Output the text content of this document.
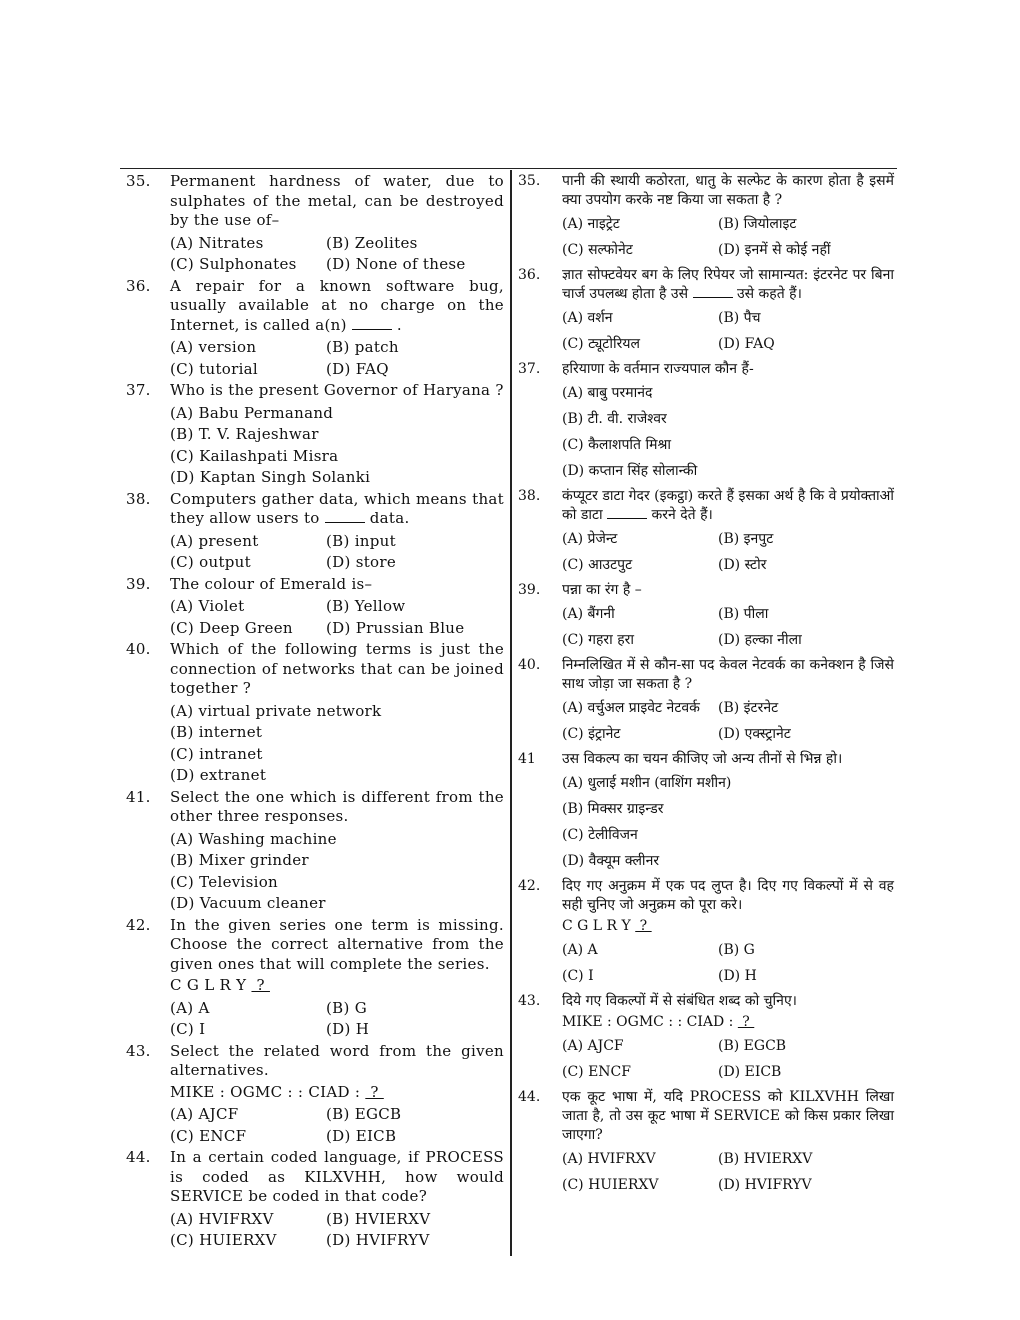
35. Permanent hardness of water, due to sulphates of the metal, can be destroyed by the use of–
(A) Nitrates	(B) Zeolites
(C) Sulphonates	(D) None of these
36. A repair for a known software bug, usually available at no charge on the Internet, is called a(n)	.
(A) version	(B) patch
(C) tutorial	(D) FAQ
37. Who is the present Governor of Haryana ?
(A) Babu Permanand
(B) T. V. Rajeshwar
(C) Kailashpati Misra
(D) Kaptan Singh Solanki
38. Computers gather data, which means that they allow users to	data.
(A) present	(B) input
(C) output	(D) store
39. The colour of Emerald is–
(A) Violet	(B) Yellow
(C) Deep Green	(D) Prussian Blue
40. Which of the following terms is just the connection of networks that can be joined together ?
(A) virtual private network
(B) internet
(C) intranet
(D) extranet
41. Select the one which is different from the other three responses.
(A) Washing machine
(B) Mixer grinder
(C) Television
(D) Vacuum cleaner
42. In the given series one term is missing. Choose the correct alternative from the given ones that will complete the series.
C G L R Y  ?
(A) A	(B) G
(C) I	(D) H
43. Select the related word from the given alternatives.
MIKE : OGMC : : CIAD :  ?
(A) AJCF	(B) EGCB
(C) ENCF	(D) EICB
44. In a certain coded language, if PROCESS is coded as KILXVHH, how would SERVICE be coded in that code?
(A) HVIFRXV	(B) HVIERXV
(C) HUIERXV	(D) HVIFRYV
35. पानी की स्थायी कठोरता, धातु के सल्फेट के कारण होता है इसमें क्या उपयोग करके नष्ट किया जा सकता है ?
(A) नाइट्रेट	(B) जियोलाइट
(C) सल्फोनेट	(D) इनमें से कोई नहीं
36. ज्ञात सोफ्टवेयर बग के लिए रिपेयर जो सामान्यत: इंटरनेट पर बिना चार्ज उपलब्ध होता है उसे	उसे कहते हैं।
(A) वर्शन	(B) पैच
(C) ट्यूटोरियल	(D) FAQ
37. हरियाणा के वर्तमान राज्यपाल कौन हैं-
(A) बाबु परमानंद
(B) टी. वी. राजेश्वर
(C) कैलाशपति मिश्रा
(D) कप्तान सिंह सोलान्की
38. कंप्यूटर डाटा गेदर (इकट्ठा) करते हैं इसका अर्थ है कि वे प्रयोक्ताओं को डाटा	करने देते हैं।
(A) प्रेजेन्ट	(B) इनपुट
(C) आउटपुट	(D) स्टोर
39. पन्ना का रंग है –
(A) बैंगनी	(B) पीला
(C) गहरा हरा	(D) हल्का नीला
40. निम्नलिखित में से कौन-सा पद केवल नेटवर्क का कनेक्शन है जिसे साथ जोड़ा जा सकता है ?
(A) वर्चुअल प्राइवेट नेटवर्क	(B) इंटरनेट
(C) इंट्रानेट	(D) एक्स्ट्रानेट
41 उस विकल्प का चयन कीजिए जो अन्य तीनों से भिन्न हो।
(A) धुलाई मशीन (वाशिंग मशीन)
(B) मिक्सर ग्राइन्डर
(C) टेलीविजन
(D) वैक्यूम क्लीनर
42. दिए गए अनुक्रम में एक पद लुप्त है। दिए गए विकल्पों में से वह सही चुनिए जो अनुक्रम को पूरा करे।
C G L R Y  ?
(A) A	(B) G
(C) I	(D) H
43. दिये गए विकल्पों में से संबंधित शब्द को चुनिए।
MIKE : OGMC : : CIAD :  ?
(A) AJCF	(B) EGCB
(C) ENCF	(D) EICB
44. एक कूट भाषा में, यदि PROCESS को KILXVHH लिखा जाता है, तो उस कूट भाषा में SERVICE को किस प्रकार लिखा जाएगा?
(A) HVIFRXV	(B) HVIERXV
(C) HUIERXV	(D) HVIFRYV
